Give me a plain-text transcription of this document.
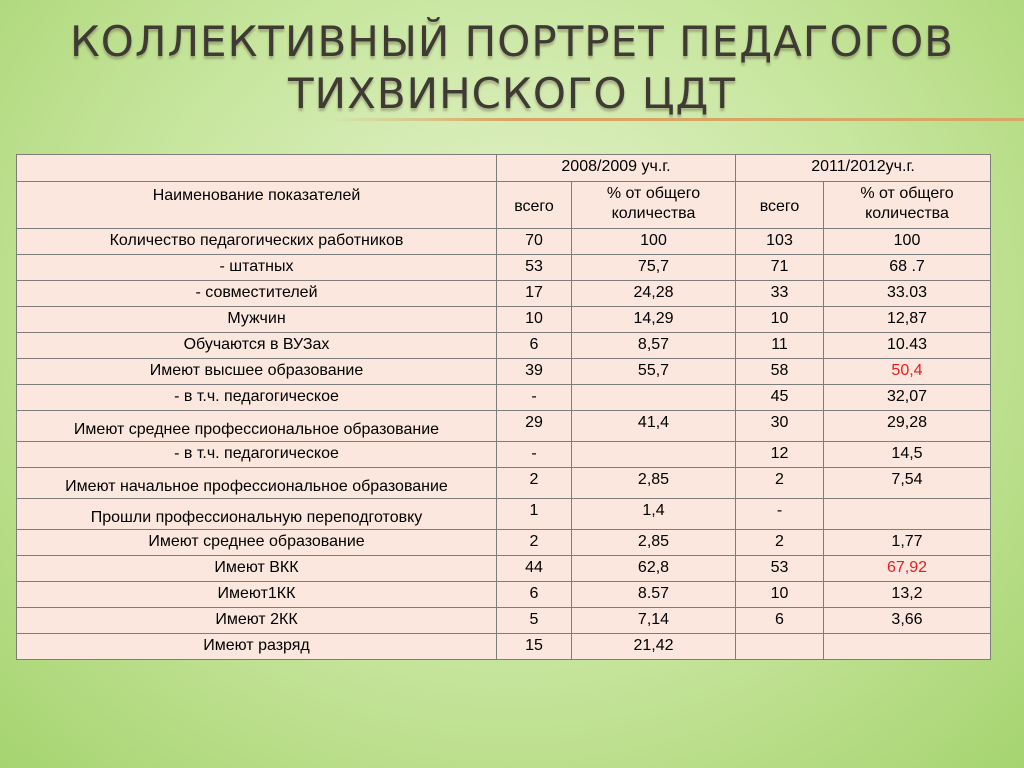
КОЛЛЕКТИВНЫЙ ПОРТРЕТ ПЕДАГОГОВ
ТИХВИНСКОГО ЦДТ
	2008/2009 уч.г.		2011/2012уч.г.	
Наименование показателей	всего	% от общего количества	всего	% от общего количества
Количество педагогических работников	70	100	103	100
- штатных	53	75,7	71	68 .7
- совместителей	17	24,28	33	33.03
Мужчин	10	14,29	10	12,87
Обучаются в ВУЗах	6	8,57	11	10.43
Имеют высшее образование	39	55,7	58	50,4
- в т.ч. педагогическое	-		45	32,07
Имеют среднее профессиональное образование	29	41,4	30	29,28
- в т.ч. педагогическое	-		12	14,5
Имеют начальное профессиональное образование	2	2,85	2	7,54
Прошли профессиональную переподготовку	1	1,4	-	
Имеют среднее образование	2	2,85	2	1,77
Имеют ВКК	44	62,8	53	67,92
Имеют1КК	6	8.57	10	13,2
Имеют 2КК	5	7,14	6	3,66
Имеют разряд	15	21,42		
